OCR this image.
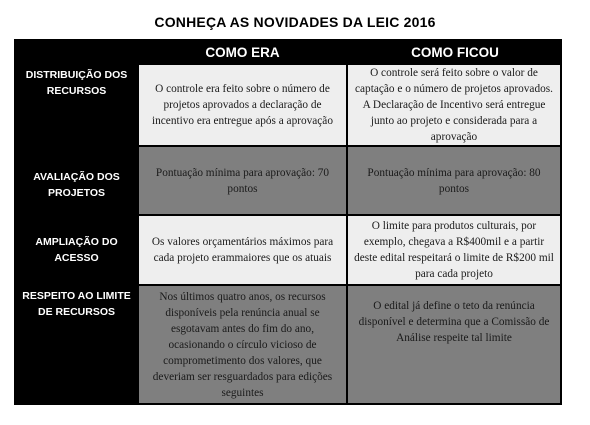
CONHEÇA AS NOVIDADES DA LEIC 2016
COMO ERA	COMO FICOU
DISTRIBUIÇÃO DOS RECURSOS	O controle era feito sobre o número de projetos aprovados a declaração de incentivo era entregue após a aprovação
O controle será feito sobre o valor de captação e o número de projetos aprovados. A Declaração de Incentivo será entregue junto ao projeto e considerada para a aprovação
AVALIAÇÃO DOS PROJETOS
Pontuação mínima para aprovação: 70 pontos
Pontuação mínima para aprovação: 80 pontos
AMPLIAÇÃO DO ACESSO
Os valores orçamentários máximos para cada projeto erammaiores que os atuais
O limite para produtos culturais, por exemplo, chegava a R$400mil e a partir deste edital respeitará o limite de R$200 mil para cada projeto
RESPEITO AO LIMITE DE RECURSOS
Nos últimos quatro anos, os recursos disponíveis pela renúncia anual se esgotavam antes do fim do ano, ocasionando o círculo vicioso de comprometimento dos valores, que deveriam ser resguardados para edições seguintes
O edital já define o teto da renúncia disponível e determina que a Comissão de Análise respeite tal limite
